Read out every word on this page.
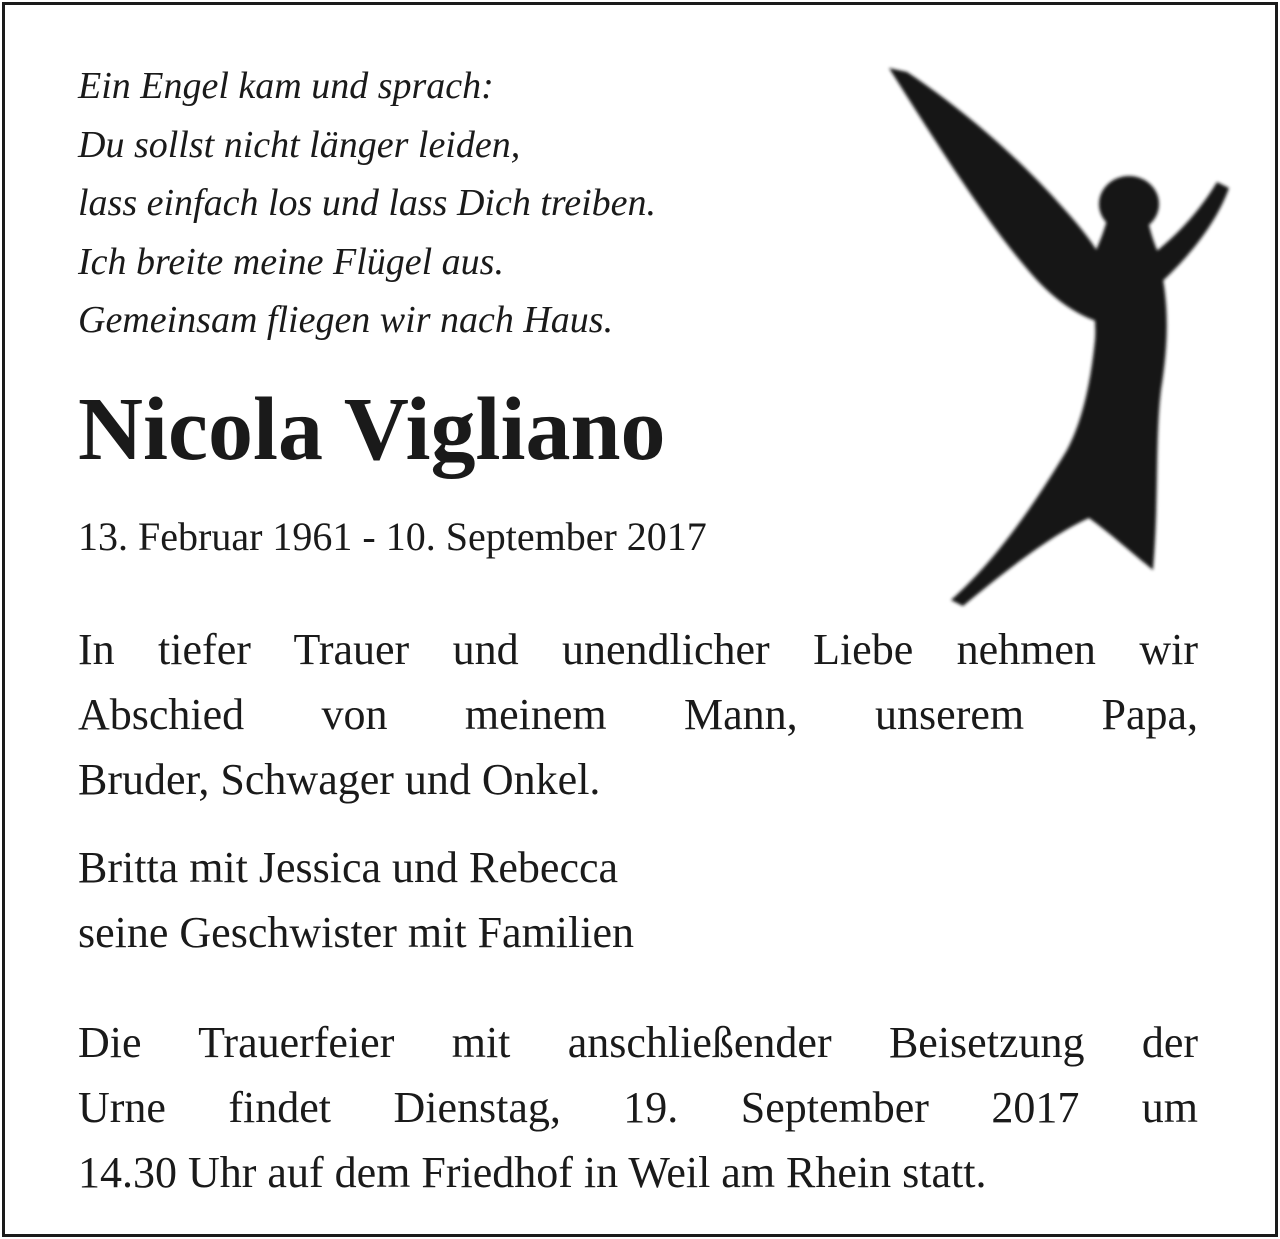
Ein Engel kam und sprach:
Du sollst nicht länger leiden,
lass einfach los und lass Dich treiben.
Ich breite meine Flügel aus.
Gemeinsam fliegen wir nach Haus.
Nicola Vigliano
13. Februar 1961 - 10. September 2017
In tiefer Trauer und unendlicher Liebe nehmen wir
Abschied von meinem Mann, unserem Papa,
Bruder, Schwager und Onkel.
Britta mit Jessica und Rebecca
seine Geschwister mit Familien
Die Trauerfeier mit anschließender Beisetzung der
Urne findet Dienstag, 19. September 2017 um
14.30 Uhr auf dem Friedhof in Weil am Rhein statt.
